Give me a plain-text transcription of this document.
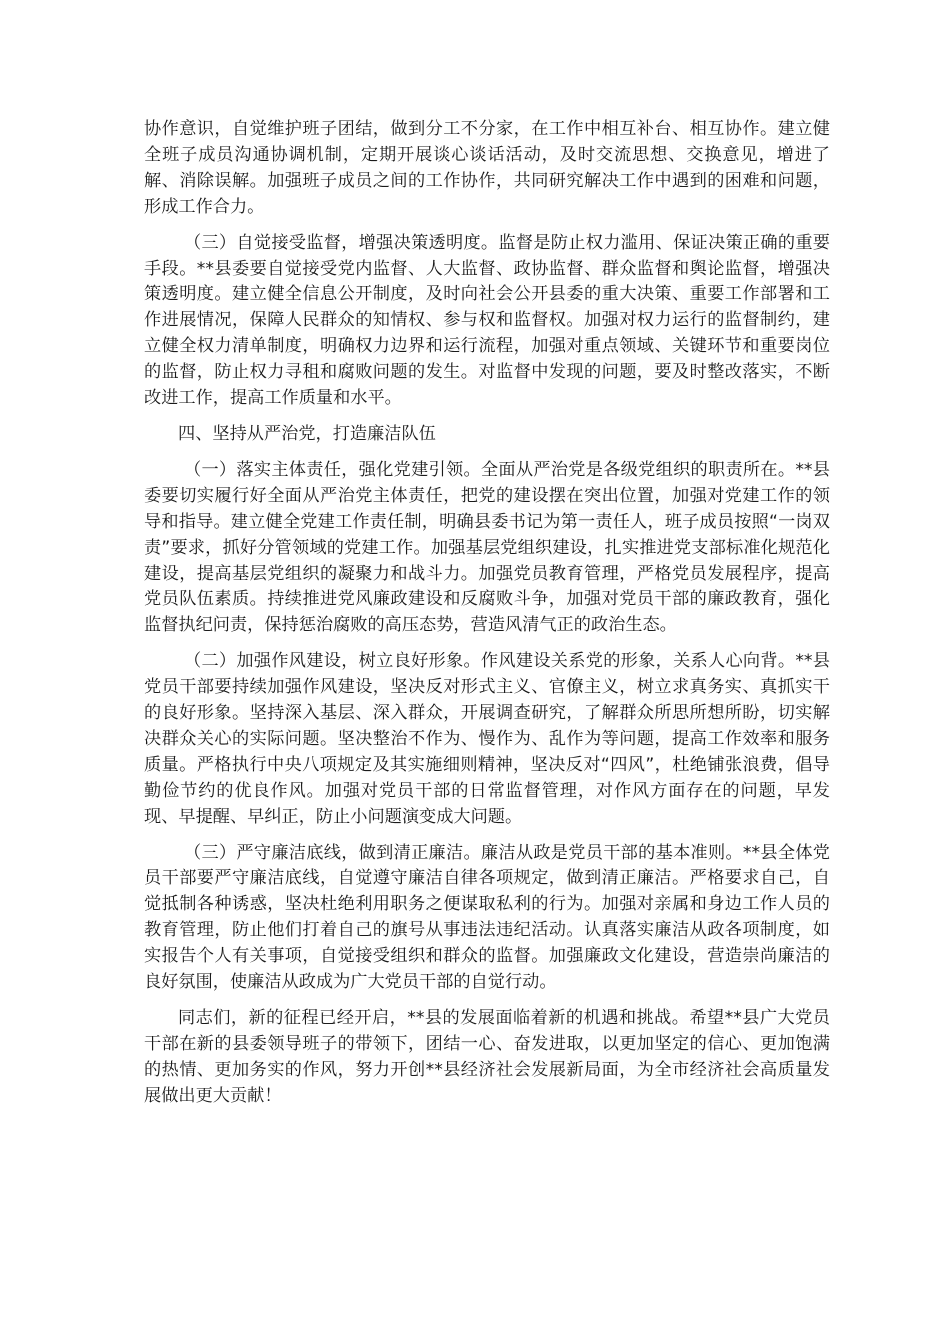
协作意识，自觉维护班子团结，做到分工不分家，在工作中相互补台、相互协作。建立健全班子成员沟通协调机制，定期开展谈心谈话活动，及时交流思想、交换意见，增进了解、消除误解。加强班子成员之间的工作协作，共同研究解决工作中遇到的困难和问题，形成工作合力。

（三）自觉接受监督，增强决策透明度。监督是防止权力滥用、保证决策正确的重要手段。**县委要自觉接受党内监督、人大监督、政协监督、群众监督和舆论监督，增强决策透明度。建立健全信息公开制度，及时向社会公开县委的重大决策、重要工作部署和工作进展情况，保障人民群众的知情权、参与权和监督权。加强对权力运行的监督制约，建立健全权力清单制度，明确权力边界和运行流程，加强对重点领域、关键环节和重要岗位的监督，防止权力寻租和腐败问题的发生。对监督中发现的问题，要及时整改落实，不断改进工作，提高工作质量和水平。

四、坚持从严治党，打造廉洁队伍

（一）落实主体责任，强化党建引领。全面从严治党是各级党组织的职责所在。**县委要切实履行好全面从严治党主体责任，把党的建设摆在突出位置，加强对党建工作的领导和指导。建立健全党建工作责任制，明确县委书记为第一责任人，班子成员按照“一岗双责”要求，抓好分管领域的党建工作。加强基层党组织建设，扎实推进党支部标准化规范化建设，提高基层党组织的凝聚力和战斗力。加强党员教育管理，严格党员发展程序，提高党员队伍素质。持续推进党风廉政建设和反腐败斗争，加强对党员干部的廉政教育，强化监督执纪问责，保持惩治腐败的高压态势，营造风清气正的政治生态。

（二）加强作风建设，树立良好形象。作风建设关系党的形象，关系人心向背。**县党员干部要持续加强作风建设，坚决反对形式主义、官僚主义，树立求真务实、真抓实干的良好形象。坚持深入基层、深入群众，开展调查研究，了解群众所思所想所盼，切实解决群众关心的实际问题。坚决整治不作为、慢作为、乱作为等问题，提高工作效率和服务质量。严格执行中央八项规定及其实施细则精神，坚决反对“四风”，杜绝铺张浪费，倡导勤俭节约的优良作风。加强对党员干部的日常监督管理，对作风方面存在的问题，早发现、早提醒、早纠正，防止小问题演变成大问题。

（三）严守廉洁底线，做到清正廉洁。廉洁从政是党员干部的基本准则。**县全体党员干部要严守廉洁底线，自觉遵守廉洁自律各项规定，做到清正廉洁。严格要求自己，自觉抵制各种诱惑，坚决杜绝利用职务之便谋取私利的行为。加强对亲属和身边工作人员的教育管理，防止他们打着自己的旗号从事违法违纪活动。认真落实廉洁从政各项制度，如实报告个人有关事项，自觉接受组织和群众的监督。加强廉政文化建设，营造崇尚廉洁的良好氛围，使廉洁从政成为广大党员干部的自觉行动。

同志们，新的征程已经开启，**县的发展面临着新的机遇和挑战。希望**县广大党员干部在新的县委领导班子的带领下，团结一心、奋发进取，以更加坚定的信心、更加饱满的热情、更加务实的作风，努力开创**县经济社会发展新局面，为全市经济社会高质量发展做出更大贡献！
